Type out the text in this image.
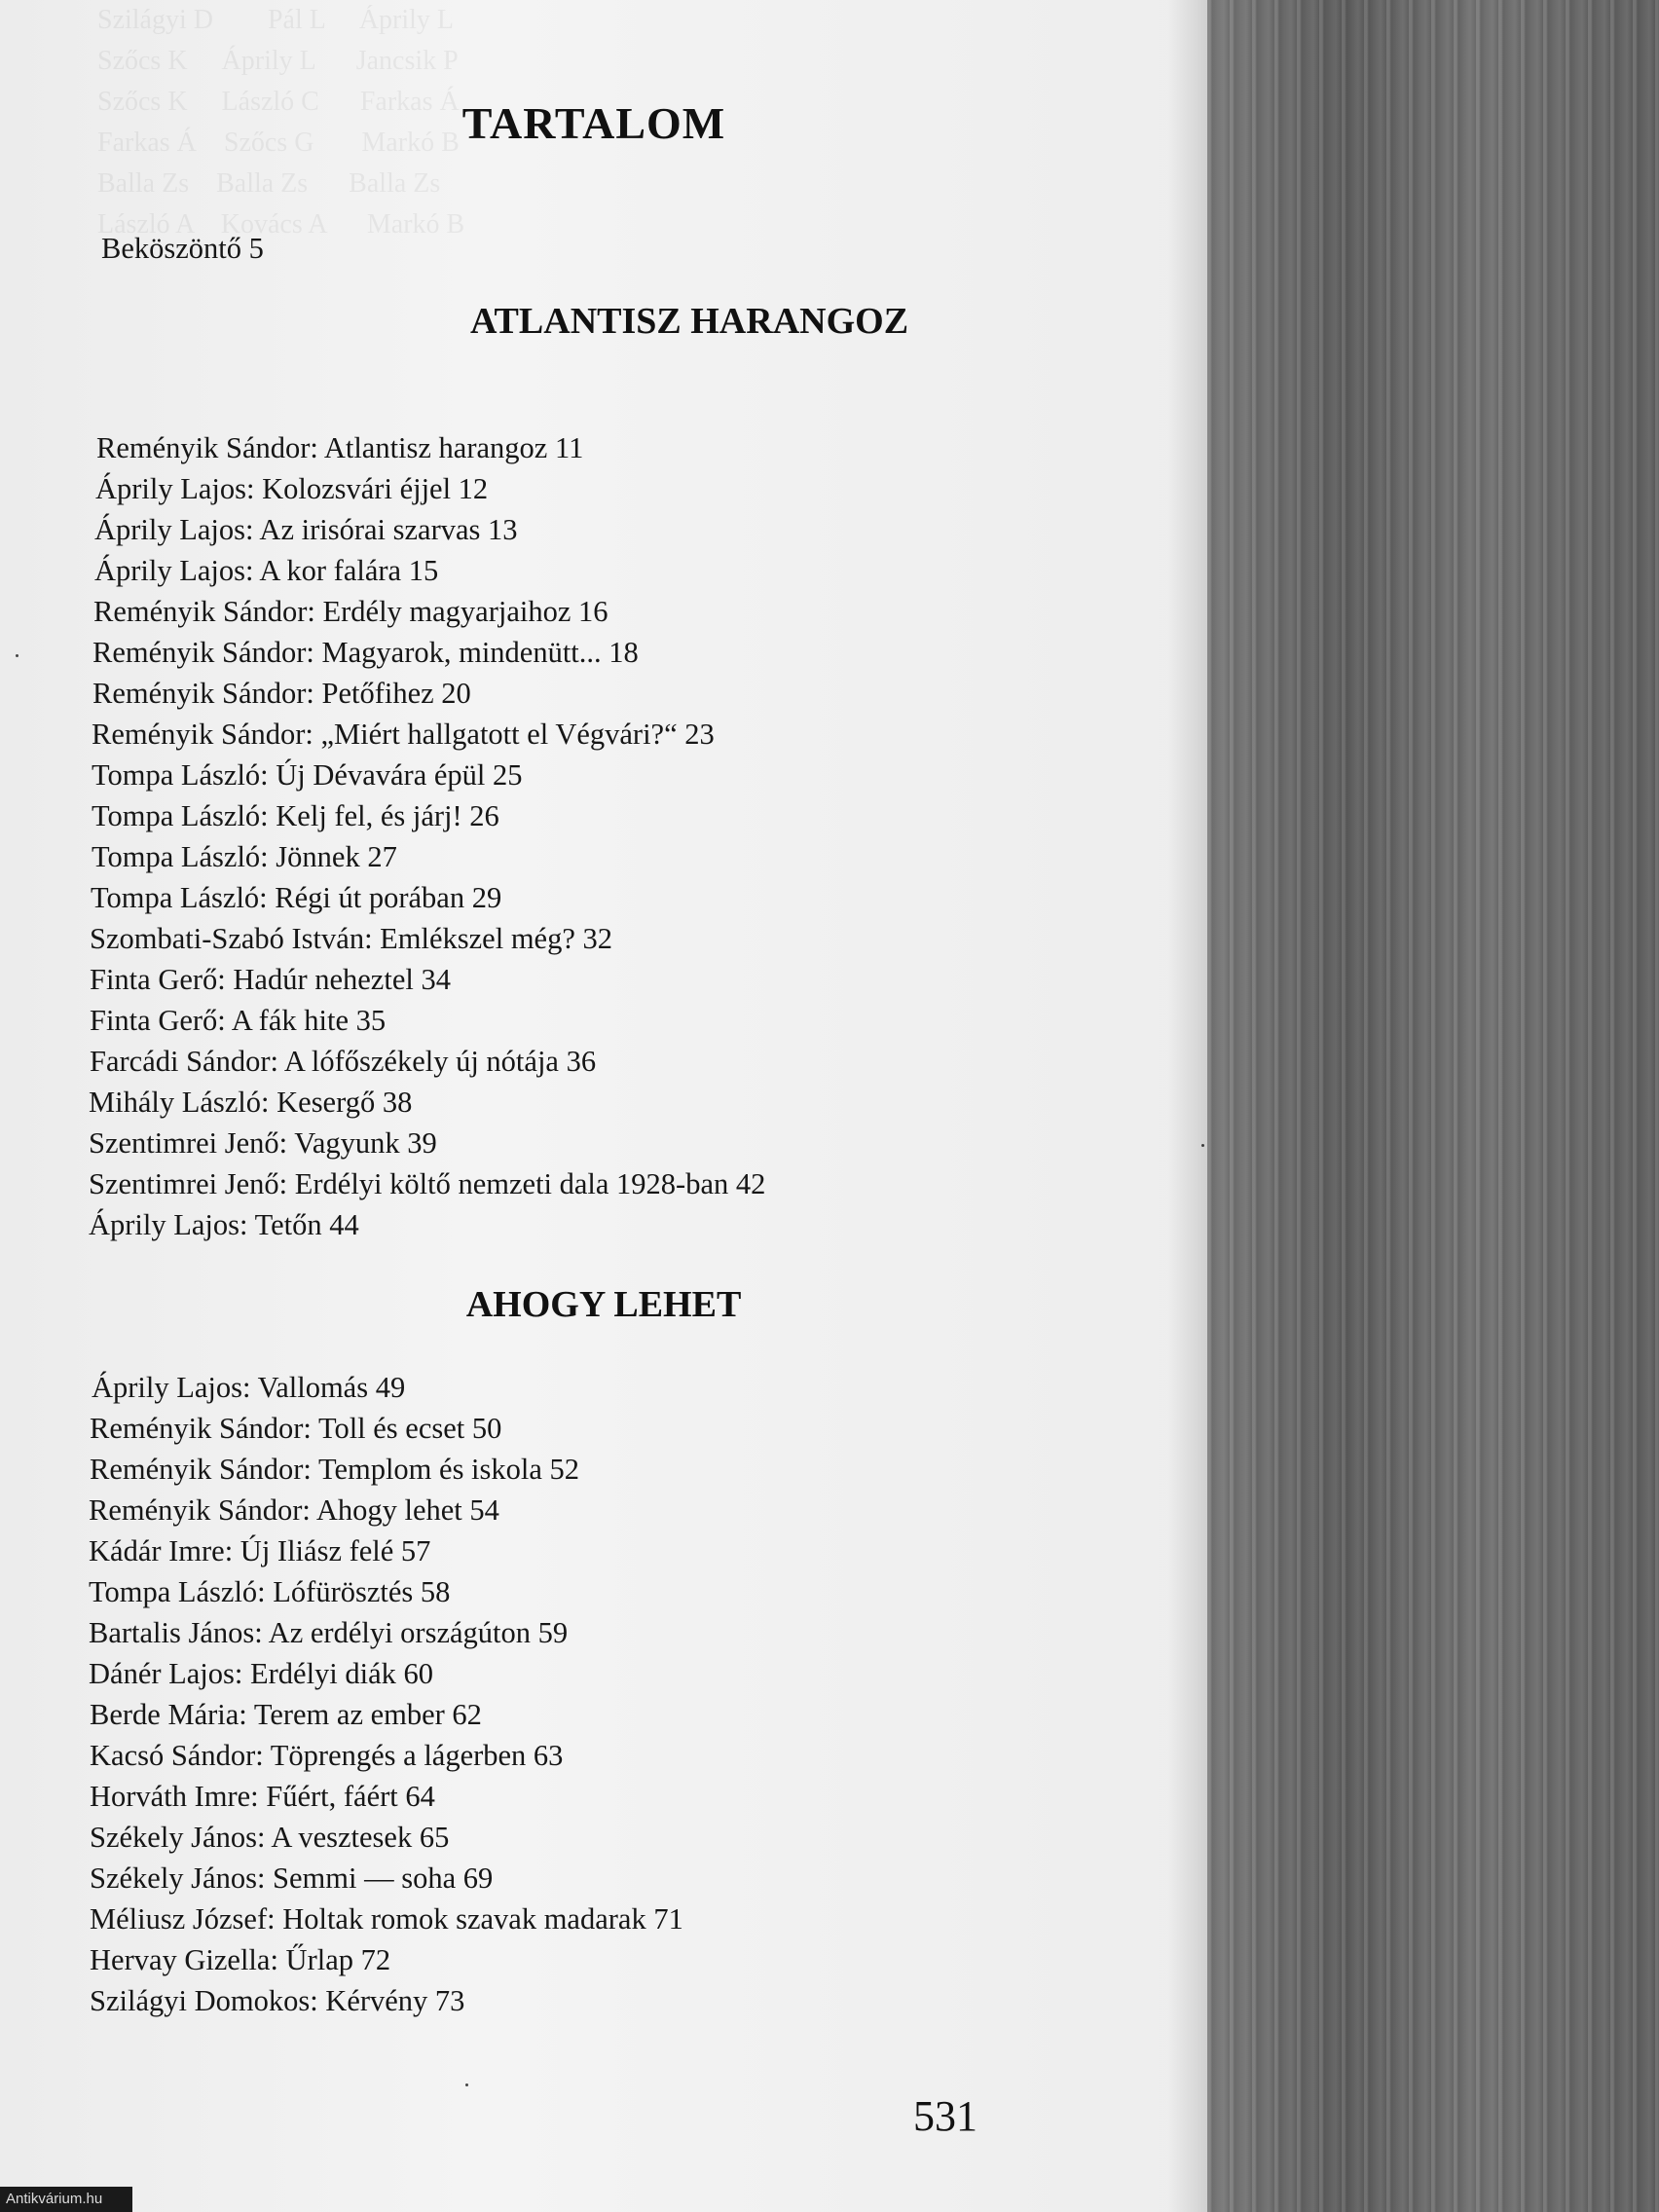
Szilágyi D        Pál L     Áprily L
Szőcs K     Áprily L      Jancsik P
Szőcs K     László C      Farkas Á
Farkas Á    Szőcs G       Markó B
Balla Zs    Balla Zs      Balla Zs
László A    Kovács A      Markó B
TARTALOM
Beköszöntő 5
ATLANTISZ HARANGOZ
Reményik Sándor: Atlantisz harangoz 11
Áprily Lajos: Kolozsvári éjjel 12
Áprily Lajos: Az irisórai szarvas 13
Áprily Lajos: A kor falára 15
Reményik Sándor: Erdély magyarjaihoz 16
Reményik Sándor: Magyarok, mindenütt... 18
Reményik Sándor: Petőfihez 20
Reményik Sándor: „Miért hallgatott el Végvári?“ 23
Tompa László: Új Dévavára épül 25
Tompa László: Kelj fel, és járj! 26
Tompa László: Jönnek 27
Tompa László: Régi út porában 29
Szombati-Szabó István: Emlékszel még? 32
Finta Gerő: Hadúr neheztel 34
Finta Gerő: A fák hite 35
Farcádi Sándor: A lófőszékely új nótája 36
Mihály László: Kesergő 38
Szentimrei Jenő: Vagyunk 39
Szentimrei Jenő: Erdélyi költő nemzeti dala 1928-ban 42
Áprily Lajos: Tetőn 44
AHOGY LEHET
Áprily Lajos: Vallomás 49
Reményik Sándor: Toll és ecset 50
Reményik Sándor: Templom és iskola 52
Reményik Sándor: Ahogy lehet 54
Kádár Imre: Új Iliász felé 57
Tompa László: Lófürösztés 58
Bartalis János: Az erdélyi országúton 59
Dánér Lajos: Erdélyi diák 60
Berde Mária: Terem az ember 62
Kacsó Sándor: Töprengés a lágerben 63
Horváth Imre: Fűért, fáért 64
Székely János: A vesztesek 65
Székely János: Semmi — soha 69
Méliusz József: Holtak romok szavak madarak 71
Hervay Gizella: Űrlap 72
Szilágyi Domokos: Kérvény 73
531
Antikvárium.hu
